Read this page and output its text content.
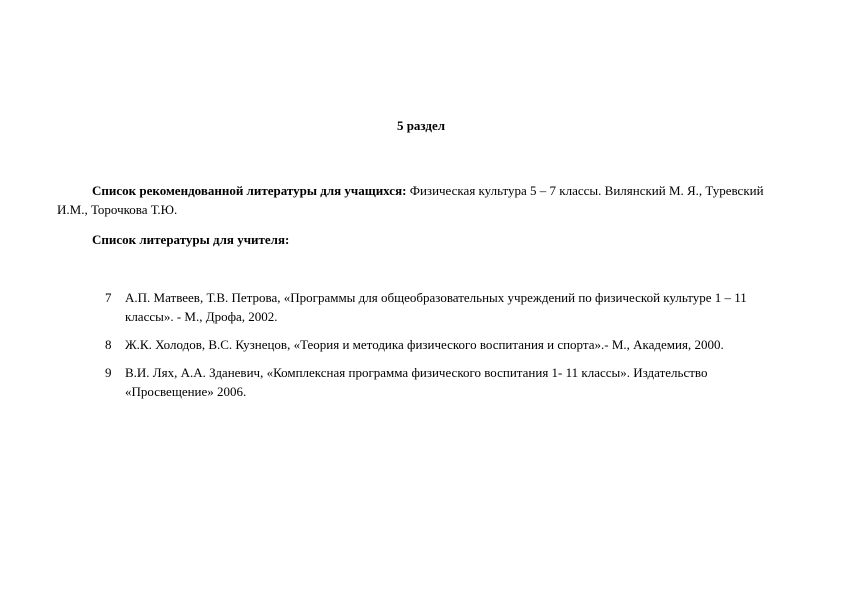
5 раздел
Список рекомендованной литературы для учащихся: Физическая культура 5 – 7 классы. Вилянский М. Я., Туревский И.М., Торочкова Т.Ю.
Список литературы для учителя:
7 А.П. Матвеев, Т.В. Петрова, «Программы для общеобразовательных учреждений по физической культуре 1 – 11 классы». - М., Дрофа, 2002.
8 Ж.К. Холодов, В.С. Кузнецов, «Теория и методика физического воспитания и спорта».- М., Академия, 2000.
9 В.И. Лях, А.А. Зданевич, «Комплексная программа физического воспитания 1- 11 классы». Издательство «Просвещение» 2006.
